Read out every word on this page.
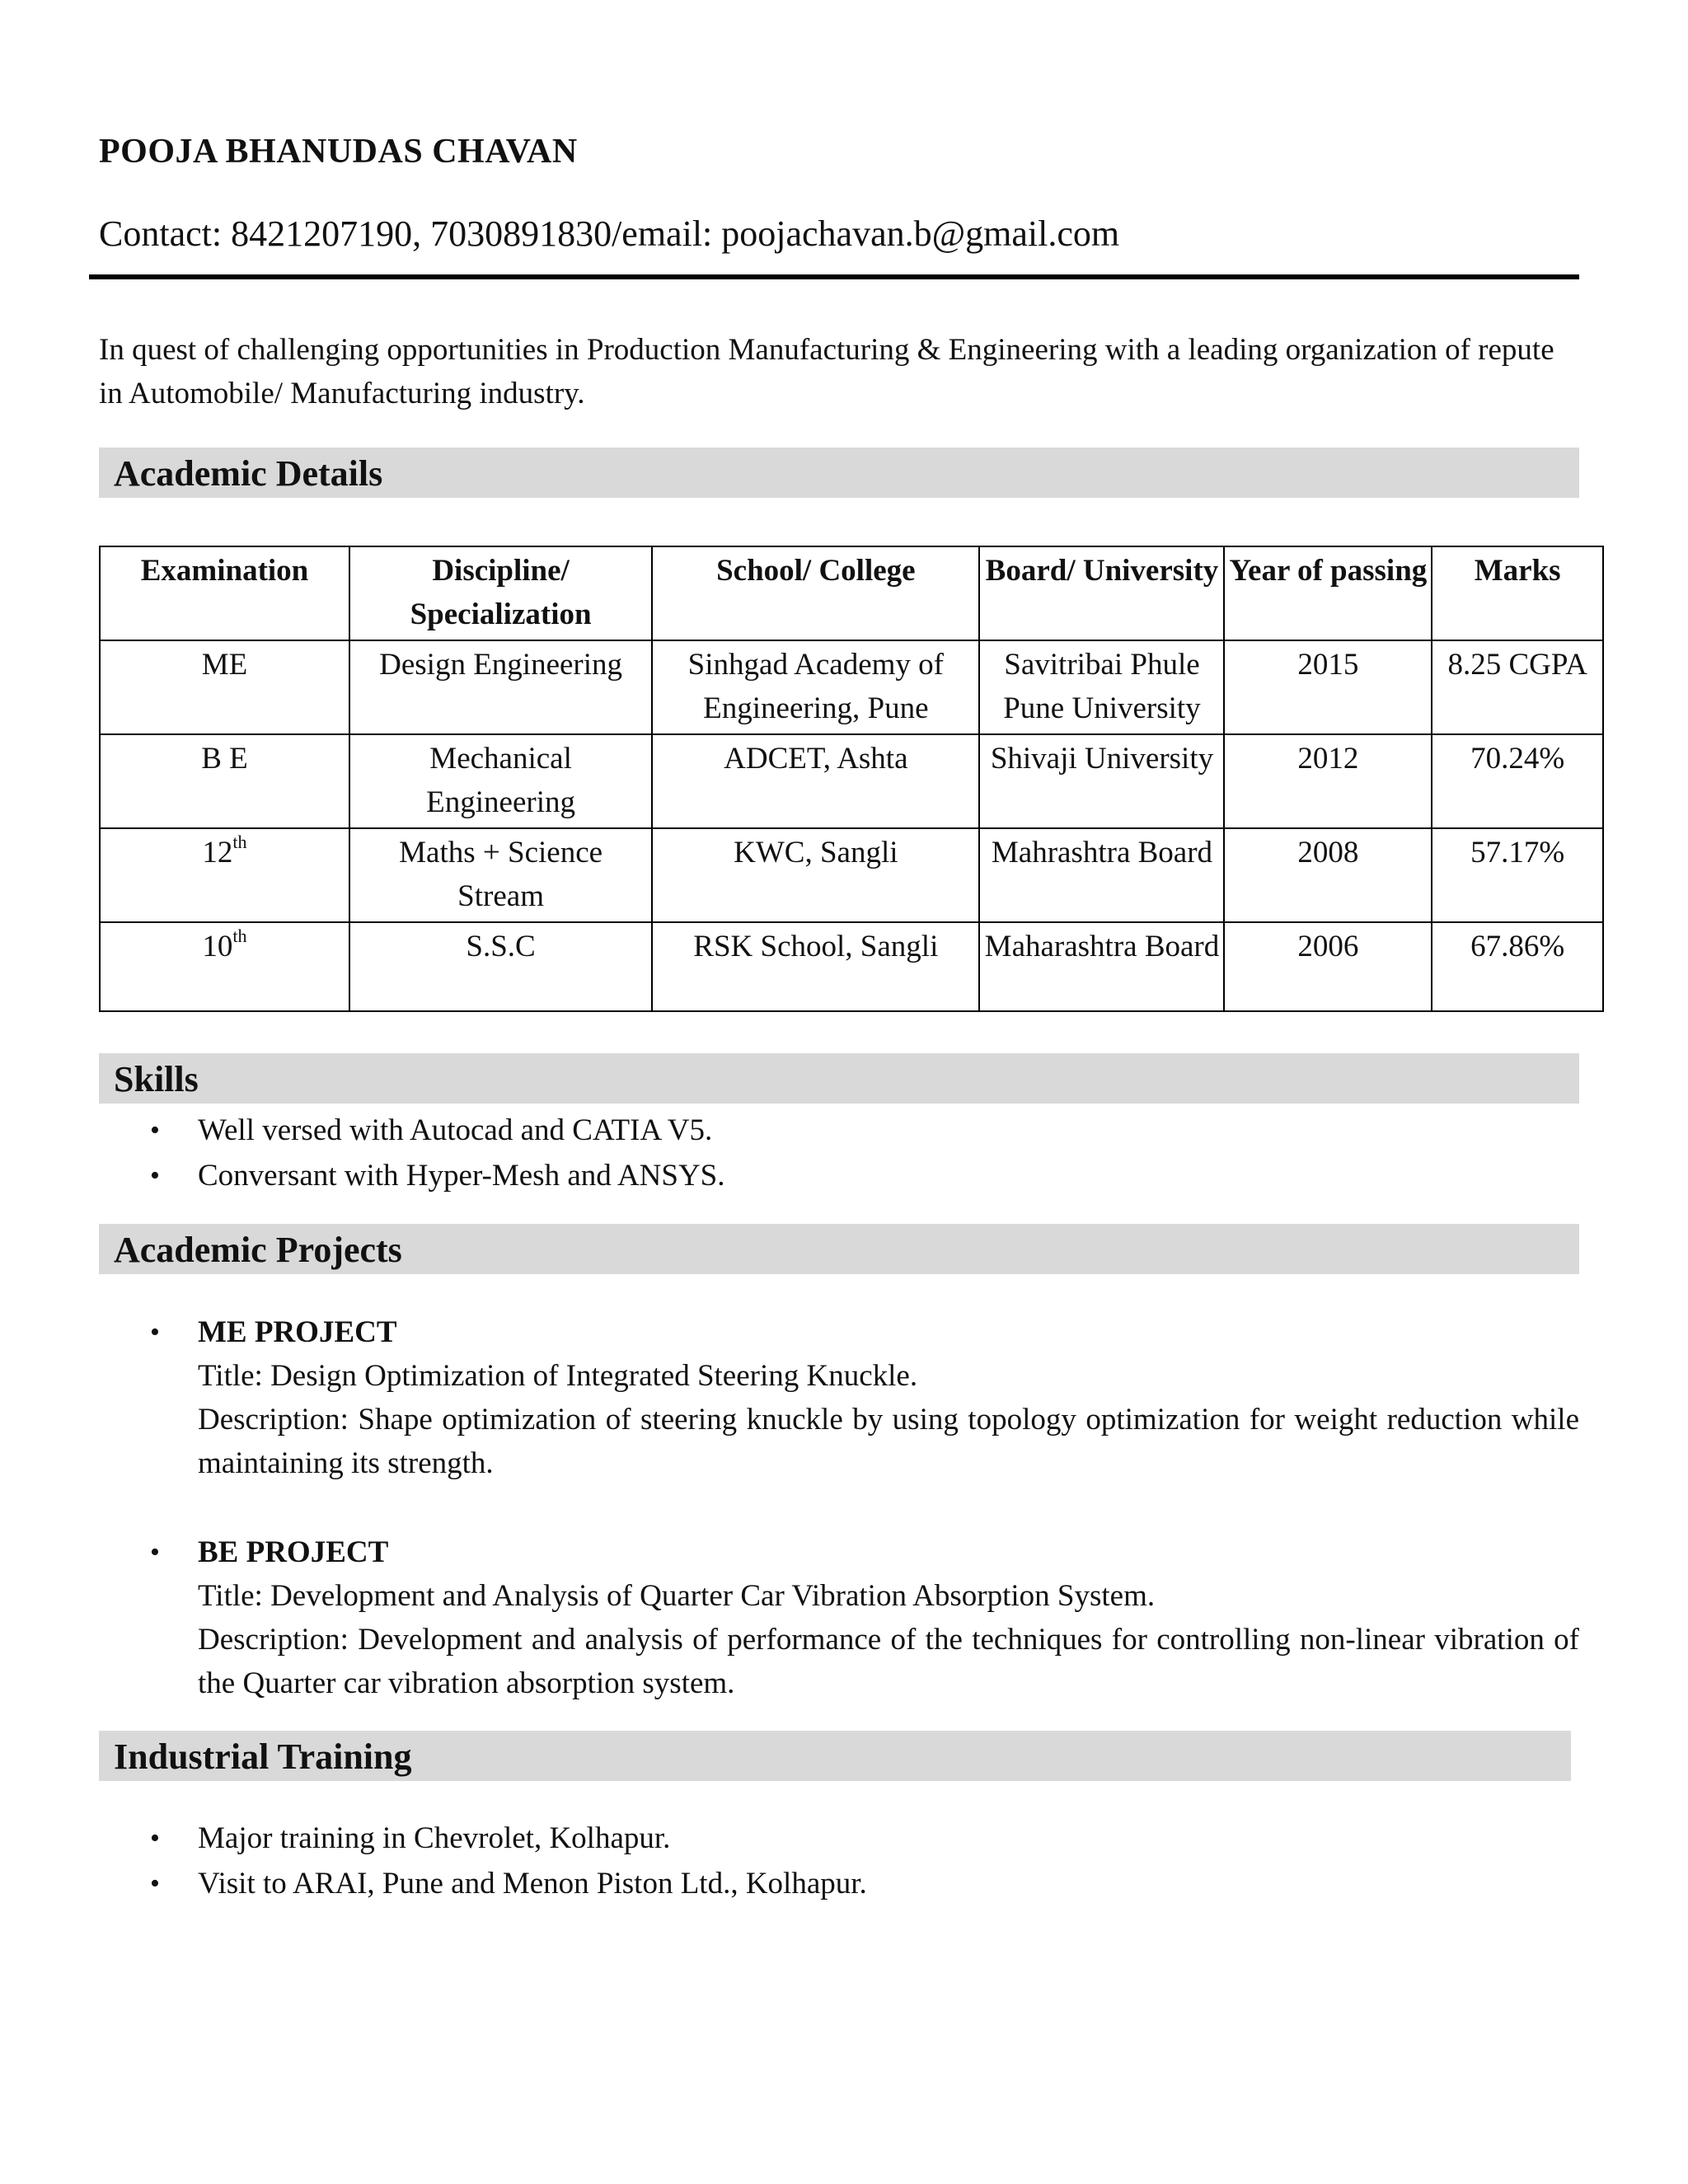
POOJA BHANUDAS CHAVAN
Contact: 8421207190, 7030891830/email: poojachavan.b@gmail.com
In quest of challenging opportunities in Production Manufacturing & Engineering with a leading organization of repute in Automobile/ Manufacturing industry.
Academic Details
Examination	Discipline/ Specialization	School/ College	Board/ University	Year of passing	Marks
ME	Design Engineering	Sinhgad Academy of Engineering, Pune	Savitribai Phule Pune University	2015	8.25 CGPA
B E	Mechanical Engineering	ADCET, Ashta	Shivaji University	2012	70.24%
12th	Maths + Science Stream	KWC, Sangli	Mahrashtra Board	2008	57.17%
10th	S.S.C	RSK School, Sangli	Maharashtra Board	2006	67.86%
Skills
• Well versed with Autocad and CATIA V5.
• Conversant with Hyper-Mesh and ANSYS.
Academic Projects
• ME PROJECT
Title: Design Optimization of Integrated Steering Knuckle.
Description: Shape optimization of steering knuckle by using topology optimization for weight reduction while maintaining its strength.
• BE PROJECT
Title: Development and Analysis of Quarter Car Vibration Absorption System.
Description: Development and analysis of performance of the techniques for controlling non-linear vibration of the Quarter car vibration absorption system.
Industrial Training
• Major training in Chevrolet, Kolhapur.
• Visit to ARAI, Pune and Menon Piston Ltd., Kolhapur.
